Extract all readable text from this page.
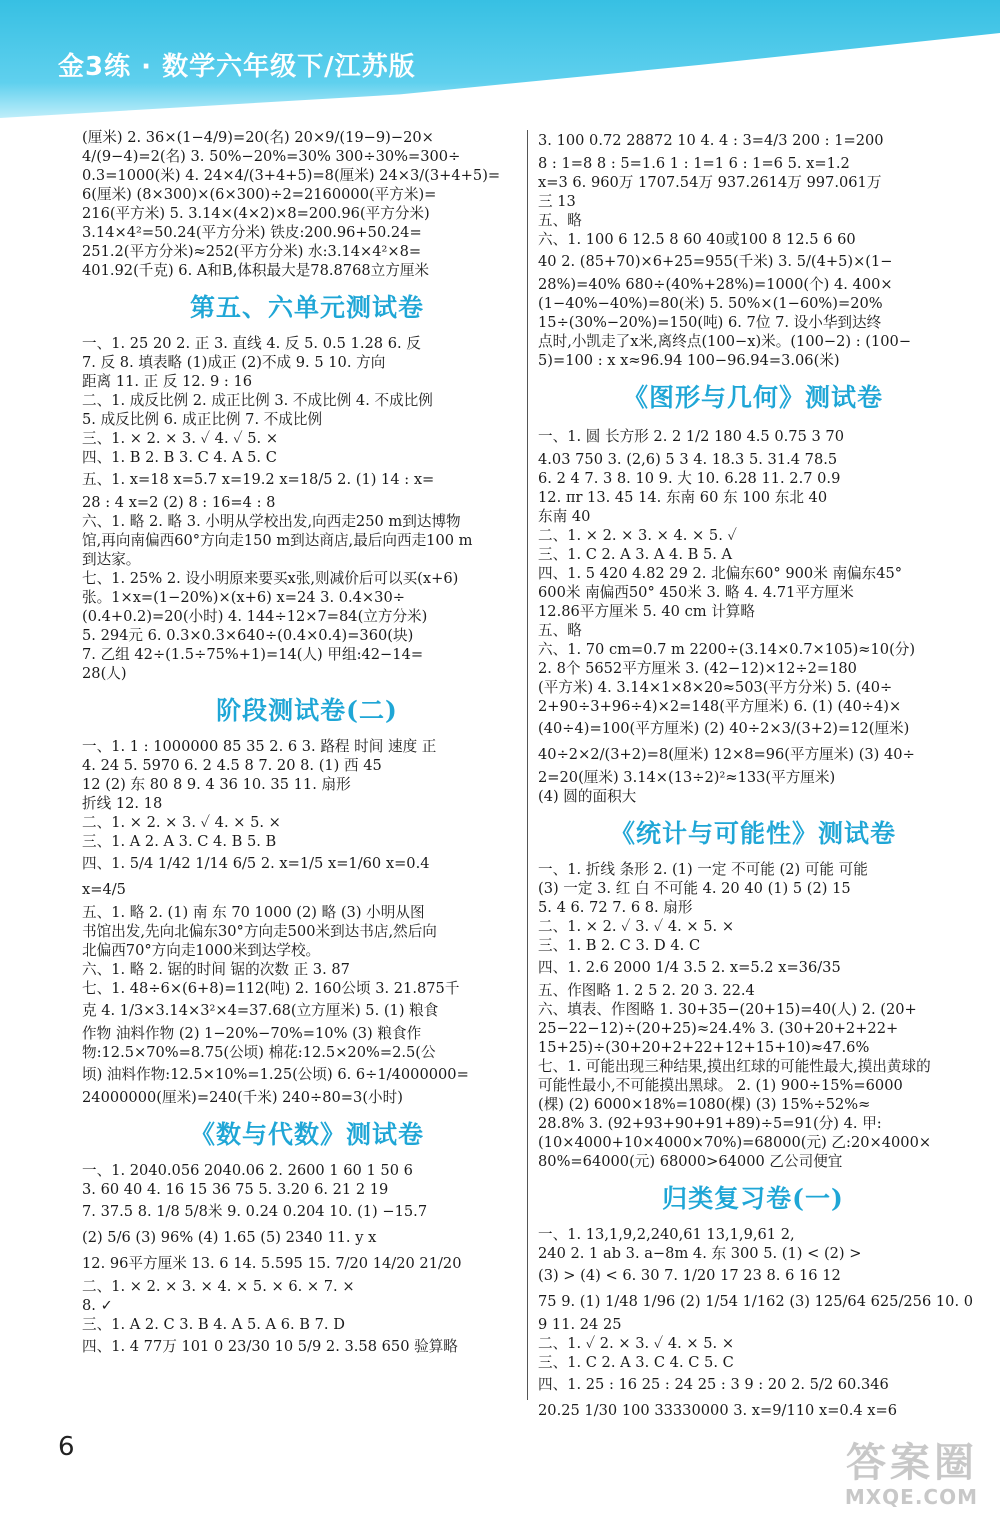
金3练 · 数学六年级下/江苏版
(厘米) 2. 36×(1−4/9)=20(名) 20×9/(19−9)−20×
4/(9−4)=2(名) 3. 50%−20%=30% 300÷30%=300÷
0.3=1000(米) 4. 24×4/(3+4+5)=8(厘米) 24×3/(3+4+5)=
6(厘米) (8×300)×(6×300)÷2=2160000(平方米)=
216(平方米) 5. 3.14×(4×2)×8=200.96(平方分米)
3.14×4²=50.24(平方分米) 铁皮:200.96+50.24=
251.2(平方分米)≈252(平方分米) 水:3.14×4²×8=
401.92(千克) 6. A和B,体积最大是78.8768立方厘米
第五、六单元测试卷
一、1. 25 20 2. 正 3. 直线 4. 反 5. 0.5 1.28 6. 反
7. 反 8. 填表略 (1)成正 (2)不成 9. 5 10. 方向
距离 11. 正 反 12. 9 : 16
二、1. 成反比例 2. 成正比例 3. 不成比例 4. 不成比例
5. 成反比例 6. 成正比例 7. 不成比例
三、1. × 2. × 3. ✓ 4. ✓ 5. ×
四、1. B 2. B 3. C 4. A 5. C
五、1. x=18 x=5.7 x=19.2 x=18/5 2. (1) 14 : x=
28 : 4 x=2 (2) 8 : 16=4 : 8
六、1. 略 2. 略 3. 小明从学校出发,向西走250 m到达博物
馆,再向南偏西60°方向走150 m到达商店,最后向西走100 m
到达家。
七、1. 25% 2. 设小明原来要买x张,则减价后可以买(x+6)
张。1×x=(1−20%)×(x+6) x=24 3. 0.4×30÷
(0.4+0.2)=20(小时) 4. 144÷12×7=84(立方分米)
5. 294元 6. 0.3×0.3×640÷(0.4×0.4)=360(块)
7. 乙组 42÷(1.5÷75%+1)=14(人) 甲组:42−14=
28(人)
阶段测试卷(二)
一、1. 1 : 1000000 85 35 2. 6 3. 路程 时间 速度 正
4. 24 5. 5970 6. 2 4.5 8 7. 20 8. (1) 西 45
12 (2) 东 80 8 9. 4 36 10. 35 11. 扇形
折线 12. 18
二、1. × 2. × 3. ✓ 4. × 5. ×
三、1. A 2. A 3. C 4. B 5. B
四、1. 5/4 1/42 1/14 6/5 2. x=1/5 x=1/60 x=0.4
x=4/5
五、1. 略 2. (1) 南 东 70 1000 (2) 略 (3) 小明从图
书馆出发,先向北偏东30°方向走500米到达书店,然后向
北偏西70°方向走1000米到达学校。
六、1. 略 2. 锯的时间 锯的次数 正 3. 87
七、1. 48÷6×(6+8)=112(吨) 2. 160公顷 3. 21.875千
克 4. 1/3×3.14×3²×4=37.68(立方厘米) 5. (1) 粮食
作物 油料作物 (2) 1−20%−70%=10% (3) 粮食作
物:12.5×70%=8.75(公顷) 棉花:12.5×20%=2.5(公
顷) 油料作物:12.5×10%=1.25(公顷) 6. 6÷1/4000000=
24000000(厘米)=240(千米) 240÷80=3(小时)
《数与代数》测试卷
一、1. 2040.056 2040.06 2. 2600 1 60 1 50 6
3. 60 40 4. 16 15 36 75 5. 3.20 6. 21 2 19
7. 37.5 8. 1/8 5/8米 9. 0.24 0.204 10. (1) −15.7
(2) 5/6 (3) 96% (4) 1.65 (5) 2340 11. y x
12. 96平方厘米 13. 6 14. 5.595 15. 7/20 14/20 21/20
二、1. × 2. × 3. × 4. × 5. × 6. × 7. ×
8. ✓
三、1. A 2. C 3. B 4. A 5. A 6. B 7. D
四、1. 4 77万 101 0 23/30 10 5/9 2. 3.58 650 验算略
3. 100 0.72 28872 10 4. 4 : 3=4/3 200 : 1=200
8 : 1=8 8 : 5=1.6 1 : 1=1 6 : 1=6 5. x=1.2
x=3 6. 960万 1707.54万 937.2614万 997.061万
三 13
五、略
六、1. 100 6 12.5 8 60 40或100 8 12.5 6 60
40 2. (85+70)×6+25=955(千米) 3. 5/(4+5)×(1−
28%)=40% 680÷(40%+28%)=1000(个) 4. 400×
(1−40%−40%)=80(米) 5. 50%×(1−60%)=20%
15÷(30%−20%)=150(吨) 6. 7位 7. 设小华到达终
点时,小凯走了x米,离终点(100−x)米。(100−2) : (100−
5)=100 : x x≈96.94 100−96.94=3.06(米)
《图形与几何》测试卷
一、1. 圆 长方形 2. 2 1/2 180 4.5 0.75 3 70
4.03 750 3. (2,6) 5 3 4. 18.3 5. 31.4 78.5
6. 2 4 7. 3 8. 10 9. 大 10. 6.28 11. 2.7 0.9
12. πr 13. 45 14. 东南 60 东 100 东北 40
东南 40
二、1. × 2. × 3. × 4. × 5. ✓
三、1. C 2. A 3. A 4. B 5. A
四、1. 5 420 4.82 29 2. 北偏东60° 900米 南偏东45°
600米 南偏西50° 450米 3. 略 4. 4.71平方厘米
12.86平方厘米 5. 40 cm 计算略
五、略
六、1. 70 cm=0.7 m 2200÷(3.14×0.7×105)≈10(分)
2. 8个 5652平方厘米 3. (42−12)×12÷2=180
(平方米) 4. 3.14×1×8×20≈503(平方分米) 5. (40÷
2+90÷3+96÷4)×2=148(平方厘米) 6. (1) (40÷4)×
(40÷4)=100(平方厘米) (2) 40÷2×3/(3+2)=12(厘米)
40÷2×2/(3+2)=8(厘米) 12×8=96(平方厘米) (3) 40÷
2=20(厘米) 3.14×(13÷2)²≈133(平方厘米)
(4) 圆的面积大
《统计与可能性》测试卷
一、1. 折线 条形 2. (1) 一定 不可能 (2) 可能 可能
(3) 一定 3. 红 白 不可能 4. 20 40 (1) 5 (2) 15
5. 4 6. 72 7. 6 8. 扇形
二、1. × 2. ✓ 3. ✓ 4. × 5. ×
三、1. B 2. C 3. D 4. C
四、1. 2.6 2000 1/4 3.5 2. x=5.2 x=36/35
五、作图略 1. 2 5 2. 20 3. 22.4
六、填表、作图略 1. 30+35−(20+15)=40(人) 2. (20+
25−22−12)÷(20+25)≈24.4% 3. (30+20+2+22+
15+25)÷(30+20+2+22+12+15+10)≈47.6%
七、1. 可能出现三种结果,摸出红球的可能性最大,摸出黄球的
可能性最小,不可能摸出黑球。 2. (1) 900÷15%=6000
(棵) (2) 6000×18%=1080(棵) (3) 15%÷52%≈
28.8% 3. (92+93+90+91+89)÷5=91(分) 4. 甲:
(10×4000+10×4000×70%)=68000(元) 乙:20×4000×
80%=64000(元) 68000>64000 乙公司便宜
归类复习卷(一)
一、1. 13,1,9,2,240,61 13,1,9,61 2,
240 2. 1 ab 3. a−8m 4. 东 300 5. (1) < (2) >
(3) > (4) < 6. 30 7. 1/20 17 23 8. 6 16 12
75 9. (1) 1/48 1/96 (2) 1/54 1/162 (3) 125/64 625/256 10. 0
9 11. 24 25
二、1. ✓ 2. × 3. ✓ 4. × 5. ×
三、1. C 2. A 3. C 4. C 5. C
四、1. 25 : 16 25 : 24 25 : 3 9 : 20 2. 5/2 60.346
20.25 1/30 100 33330000 3. x=9/110 x=0.4 x=6
6	答案圈
MXQE.COM
